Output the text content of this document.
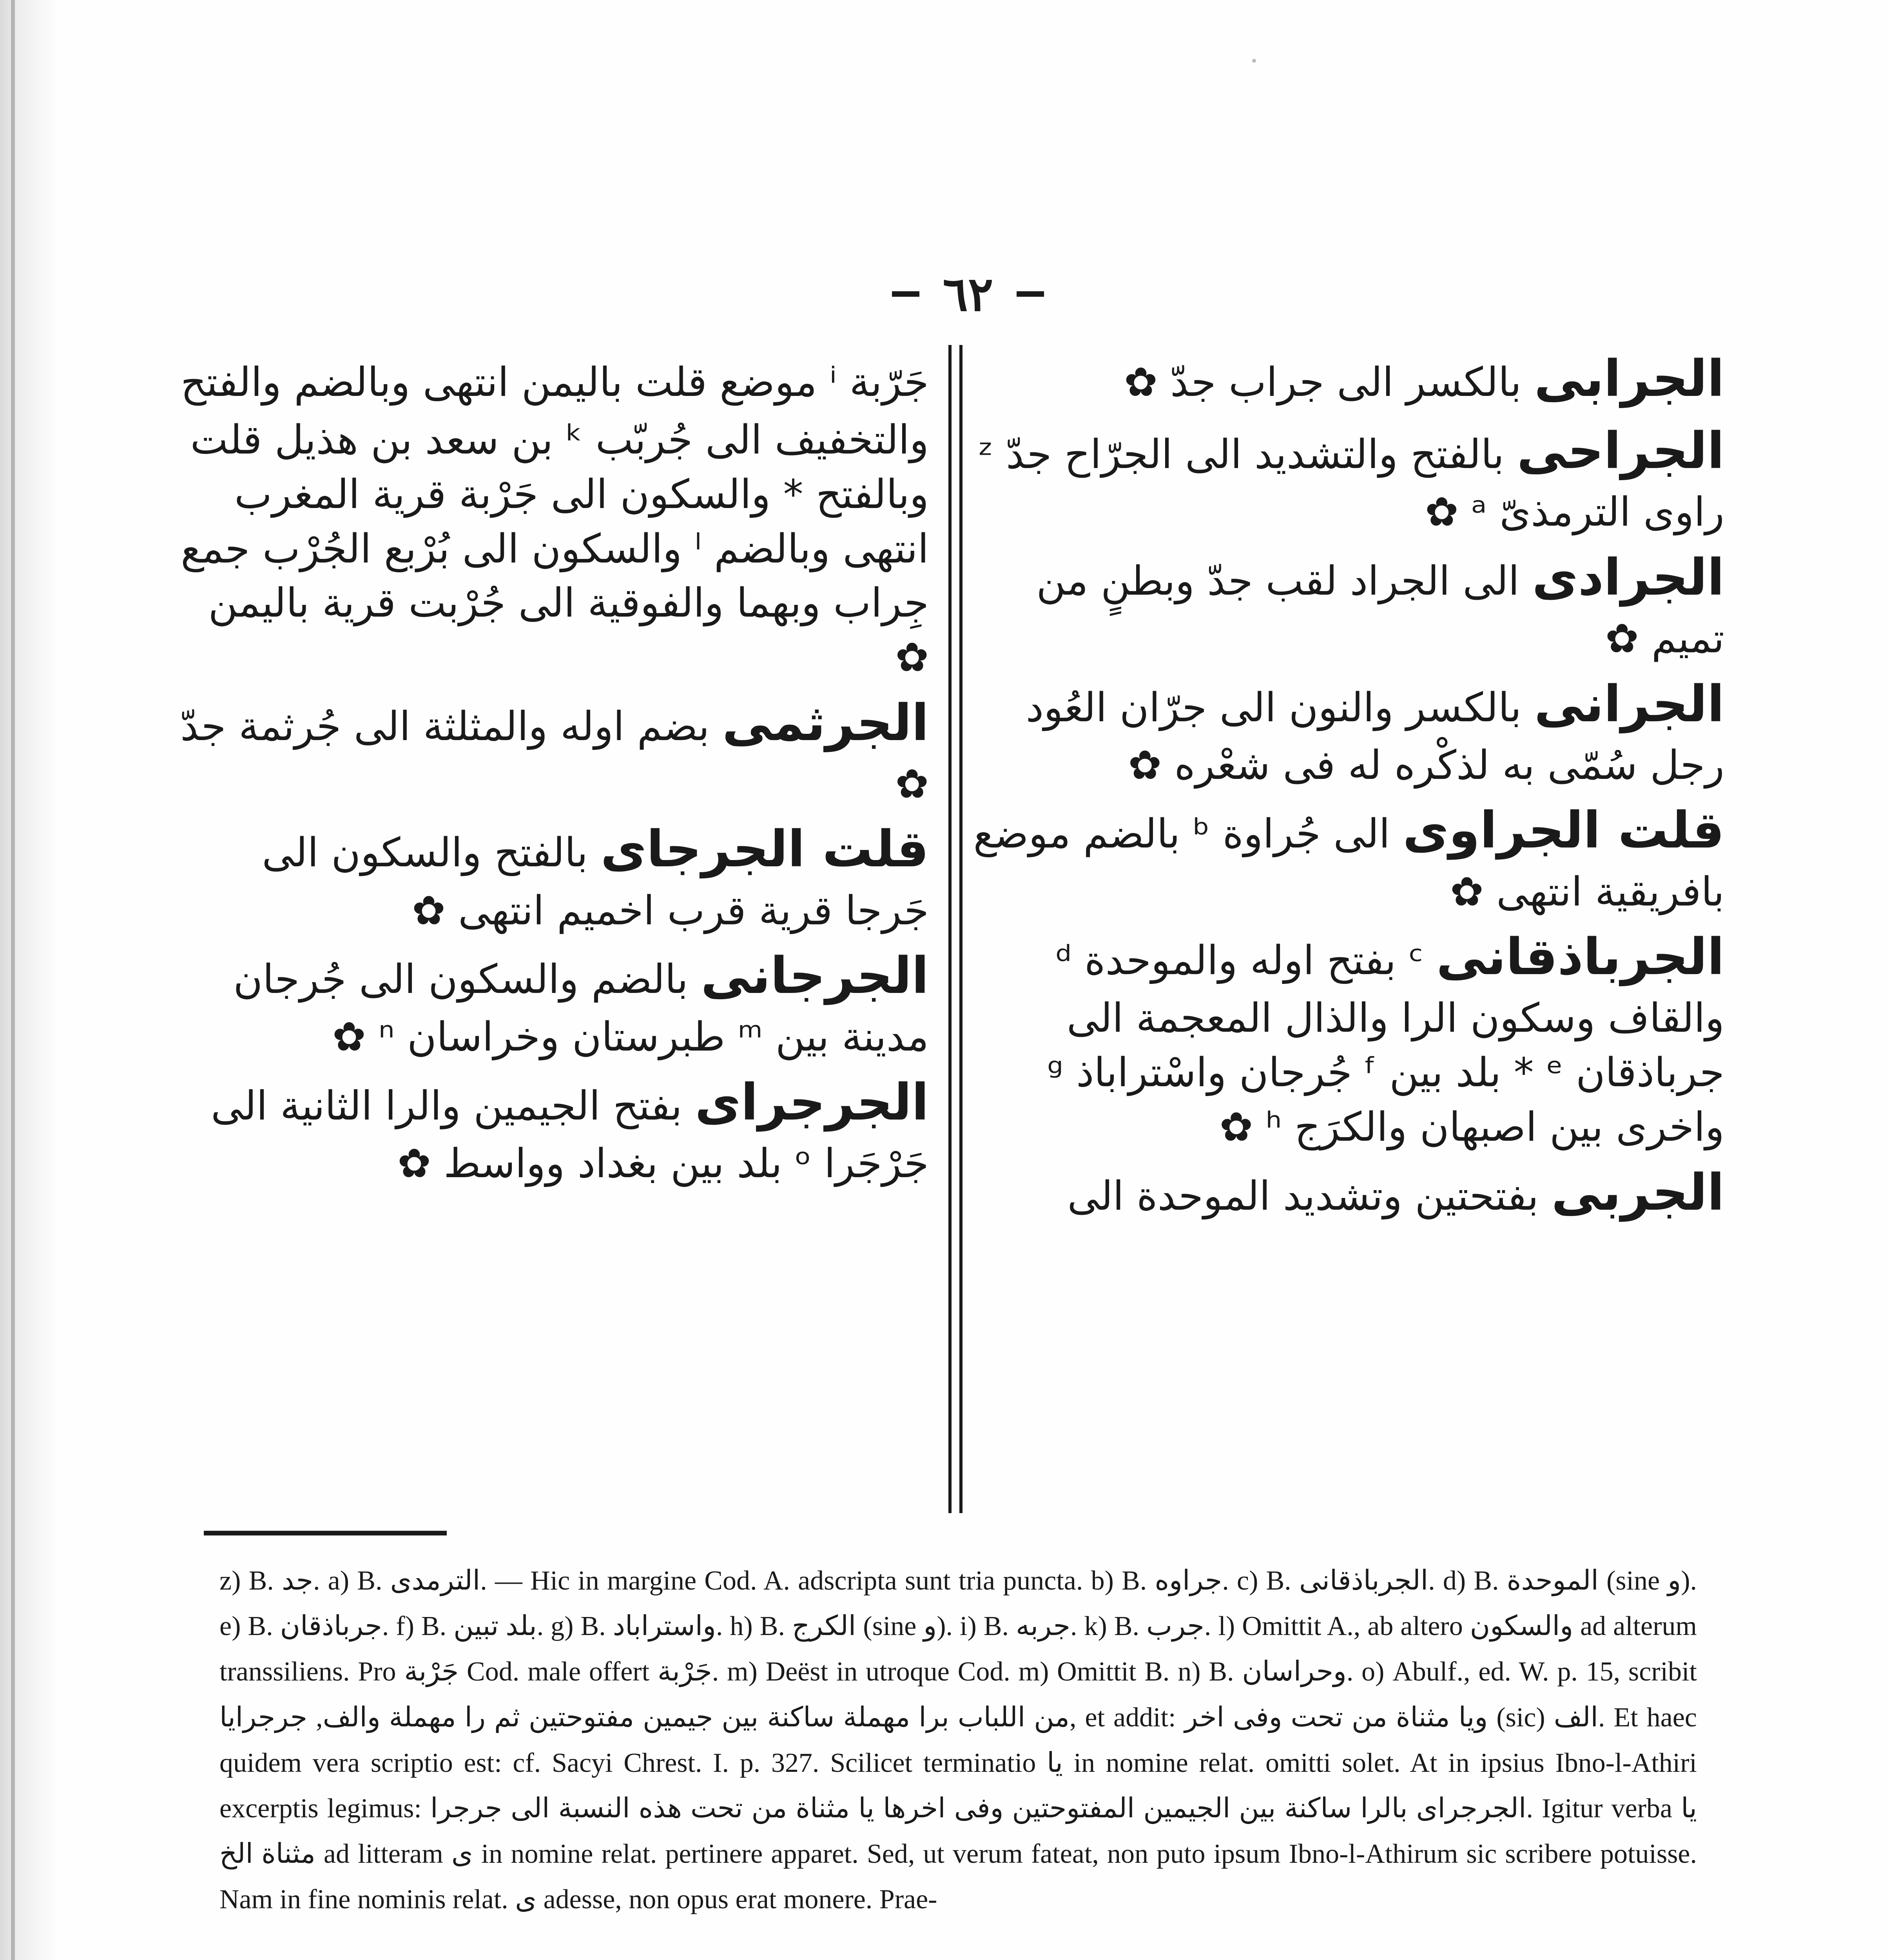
٦٢

الجرابى بالكسر الى جراب جدّ ✿

الجراحى بالفتح والتشديد الى الجرّاح جدّ ᶻ راوى الترمذىّ ᵃ ✿

الجرادى الى الجراد لقب جدّ وبطنٍ من تميم ✿

الجرانى بالكسر والنون الى جرّان العُود رجل سُمّى به لذكْره له فى شعْره ✿

قلت الجراوى الى جُراوة ᵇ بالضم موضع بافريقية انتهى ✿

الجرباذقانى ᶜ بفتح اوله والموحدة ᵈ والقاف وسكون الرا والذال المعجمة الى جرباذقان ᵉ * بلد بين ᶠ جُرجان واسْتراباذ ᵍ واخرى بين اصبهان والكرَج ʰ ✿

الجربى بفتحتين وتشديد الموحدة الى

جَرّبة ⁱ موضع قلت باليمن انتهى وبالضم والفتح والتخفيف الى جُربّب ᵏ بن سعد بن هذيل قلت وبالفتح * والسكون الى جَرْبة قرية المغرب انتهى وبالضم ˡ والسكون الى بُرْبع الجُرْب جمع جِراب وبهما والفوقية الى جُرْبت قرية باليمن ✿

الجرثمى بضم اوله والمثلثة الى جُرثمة جدّ ✿

قلت الجرجاى بالفتح والسكون الى جَرجا قرية قرب اخميم انتهى ✿

الجرجانى بالضم والسكون الى جُرجان مدينة بين ᵐ طبرستان وخراسان ⁿ ✿

الجرجراى بفتح الجيمين والرا الثانية الى جَرْجَرا ᵒ بلد بين بغداد وواسط ✿

z) B. جد. a) B. الترمدى. — Hic in margine Cod. A. adscripta sunt tria puncta. b) B. جراوه. c) B. الجرباذقانى. d) B. الموحدة (sine و). e) B. جرباذقان. f) B. بلد تبين. g) B. واستراباد. h) B. الكرج (sine و). i) B. جربه. k) B. جرب. l) Omittit A., ab altero والسكون ad alterum transsiliens. Pro جَرْبة Cod. male offert جَرْبة. m) Deëst in utroque Cod. m) Omittit B. n) B. وحراسان. o) Abulf., ed. W. p. 15, scribit من اللباب برا مهملة ساكنة بين جيمين مفتوحتين ثم را مهملة والف, جرجرايا, et addit: ويا مثناة من تحت وفى اخر (sic) الف. Et haec quidem vera scriptio est: cf. Sacyi Chrest. I. p. 327. Scilicet terminatio يا in nomine relat. omitti solet. At in ipsius Ibno-l-Athiri excerptis legimus: الجرجراى بالرا ساكنة بين الجيمين المفتوحتين وفى اخرها يا مثناة من تحت هذه النسبة الى جرجرا. Igitur verba يا مثناة الخ ad litteram ى in nomine relat. pertinere apparet. Sed, ut verum fateat, non puto ipsum Ibno-l-Athirum sic scribere potuisse. Nam in fine nominis relat. ى adesse, non opus erat monere. Prae-
